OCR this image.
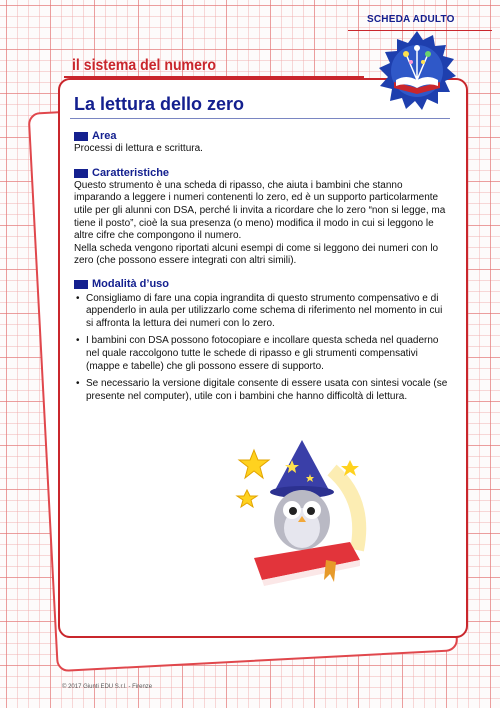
SCHEDA ADULTO
il sistema del numero
La lettura dello zero
Area

Processi di lettura e scrittura.

Caratteristiche

Questo strumento è una scheda di ripasso, che aiuta i bambini che stanno imparando a leggere i numeri contenenti lo zero, ed è un supporto particolarmente utile per gli alunni con DSA, perché li invita a ricordare che lo zero “non si legge, ma tiene il posto”, cioè la sua presenza (o meno) modifica il modo in cui si leggono le altre cifre che compongono il numero.

Nella scheda vengono riportati alcuni esempi di come si leggono dei numeri con lo zero (che possono essere integrati con altri simili).

Modalità d’uso
• Consigliamo di fare una copia ingrandita di questo strumento compensativo e di appenderlo in aula per utilizzarlo come schema di riferimento nel momento in cui si affronta la lettura dei numeri con lo zero.
• I bambini con DSA possono fotocopiare e incollare questa scheda nel quaderno nel quale raccolgono tutte le schede di ripasso e gli strumenti compensativi (mappe e tabelle) che gli possono essere di supporto.
• Se necessario la versione digitale consente di essere usata con sintesi vocale (se presente nel computer), utile con i bambini che hanno difficoltà di lettura.
© 2017 Giunti EDU S.r.l. - Firenze
